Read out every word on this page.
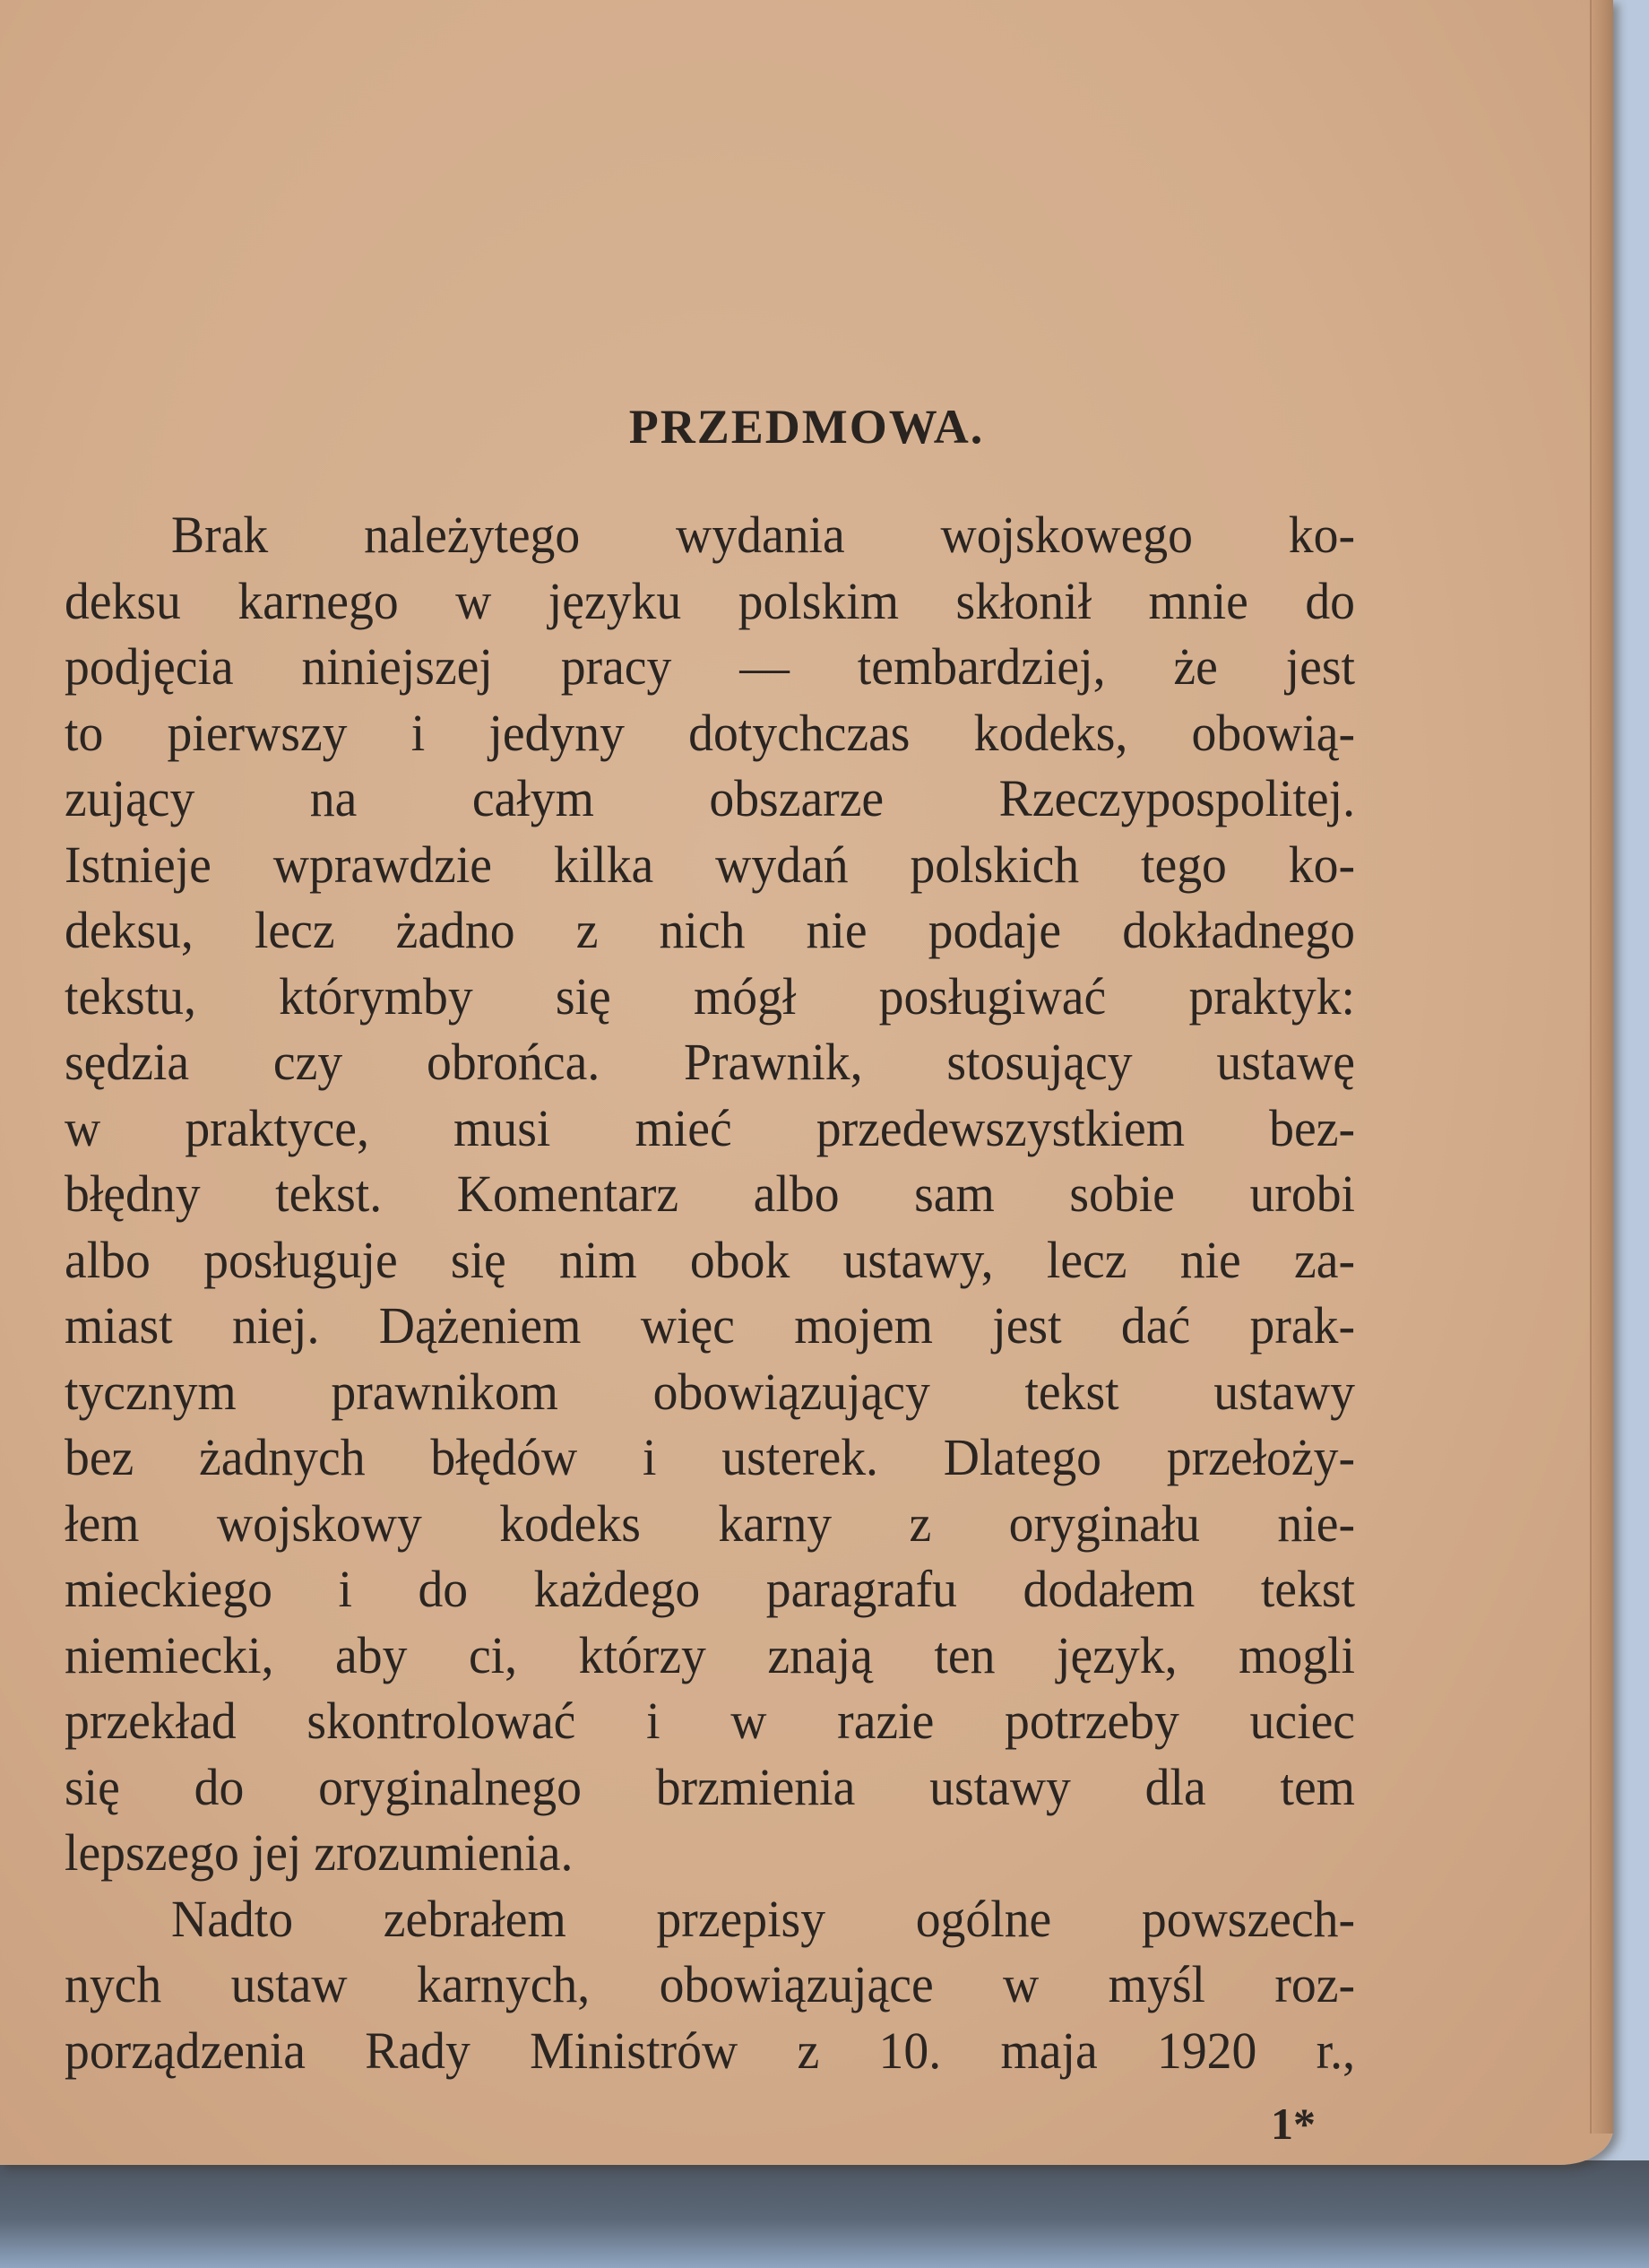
PRZEDMOWA.
Brak należytego wydania wojskowego ko-
deksu karnego w języku polskim skłonił mnie do
podjęcia niniejszej pracy — tembardziej, że jest
to pierwszy i jedyny dotychczas kodeks, obowią-
zujący na całym obszarze Rzeczypospolitej.
Istnieje wprawdzie kilka wydań polskich tego ko-
deksu, lecz żadno z nich nie podaje dokładnego
tekstu, którymby się mógł posługiwać praktyk:
sędzia czy obrońca. Prawnik, stosujący ustawę
w praktyce, musi mieć przedewszystkiem bez-
błędny tekst. Komentarz albo sam sobie urobi
albo posługuje się nim obok ustawy, lecz nie za-
miast niej. Dążeniem więc mojem jest dać prak-
tycznym prawnikom obowiązujący tekst ustawy
bez żadnych błędów i usterek. Dlatego przełoży-
łem wojskowy kodeks karny z oryginału nie-
mieckiego i do każdego paragrafu dodałem tekst
niemiecki, aby ci, którzy znają ten język, mogli
przekład skontrolować i w razie potrzeby uciec
się do oryginalnego brzmienia ustawy dla tem
lepszego jej zrozumienia.
Nadto zebrałem przepisy ogólne powszech-
nych ustaw karnych, obowiązujące w myśl roz-
porządzenia Rady Ministrów z 10. maja 1920 r.,
1*
